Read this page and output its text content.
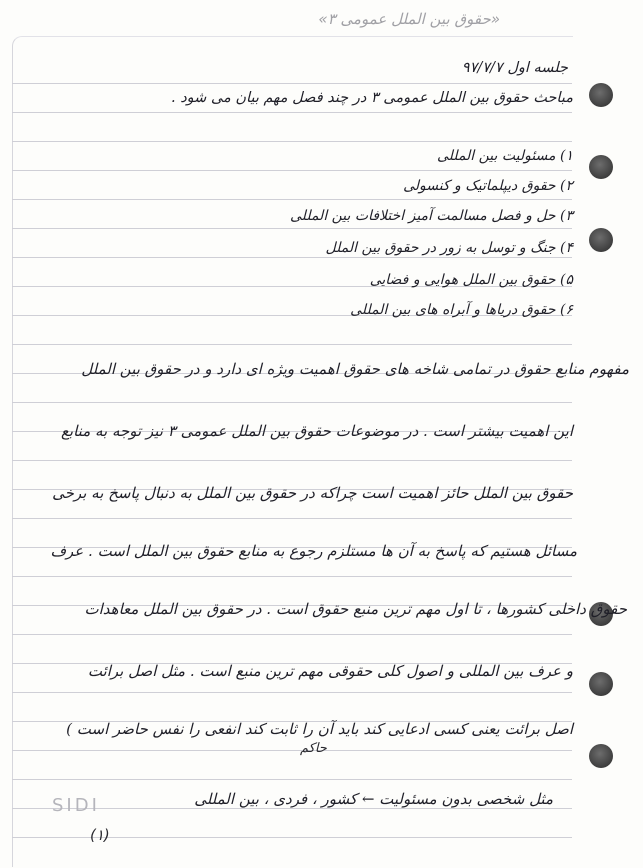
«حقوق بین الملل عمومی ۳»
جلسه اول ۹۷/۷/۷
مباحث حقوق بین الملل عمومی ۳ در چند فصل مهم بیان می شود .
۱) مسئولیت بین المللی
۲) حقوق دیپلماتیک و کنسولی
۳) حل و فصل مسالمت آمیز اختلافات بین المللی
۴) جنگ و توسل به زور در حقوق بین الملل
۵) حقوق بین الملل هوایی و فضایی
۶) حقوق دریاها و آبراه های بین المللی
مفهوم منابع حقوق در تمامی شاخه های حقوق اهمیت ویژه ای دارد و در حقوق بین الملل
این اهمیت بیشتر است . در موضوعات حقوق بین الملل عمومی ۳ نیز توجه به منابع
حقوق بین الملل حائز اهمیت است چراکه در حقوق بین الملل به دنبال پاسخ به برخی
مسائل هستیم که پاسخ به آن ها مستلزم رجوع به منابع حقوق بین الملل است . عرف
حقوق داخلی کشورها ، تا اول مهم ترین منبع حقوق است . در حقوق بین الملل معاهدات
و عرف بین المللی و اصول کلی حقوقی مهم ترین منبع است . مثل اصل برائت
اصل برائت یعنی کسی ادعایی کند باید آن را ثابت کند انفعی را نفس حاضر است )
مثل شخصی بدون مسئولیت ← کشور ، فردی ، بین المللی
حاکم
SIDI
(۱)
